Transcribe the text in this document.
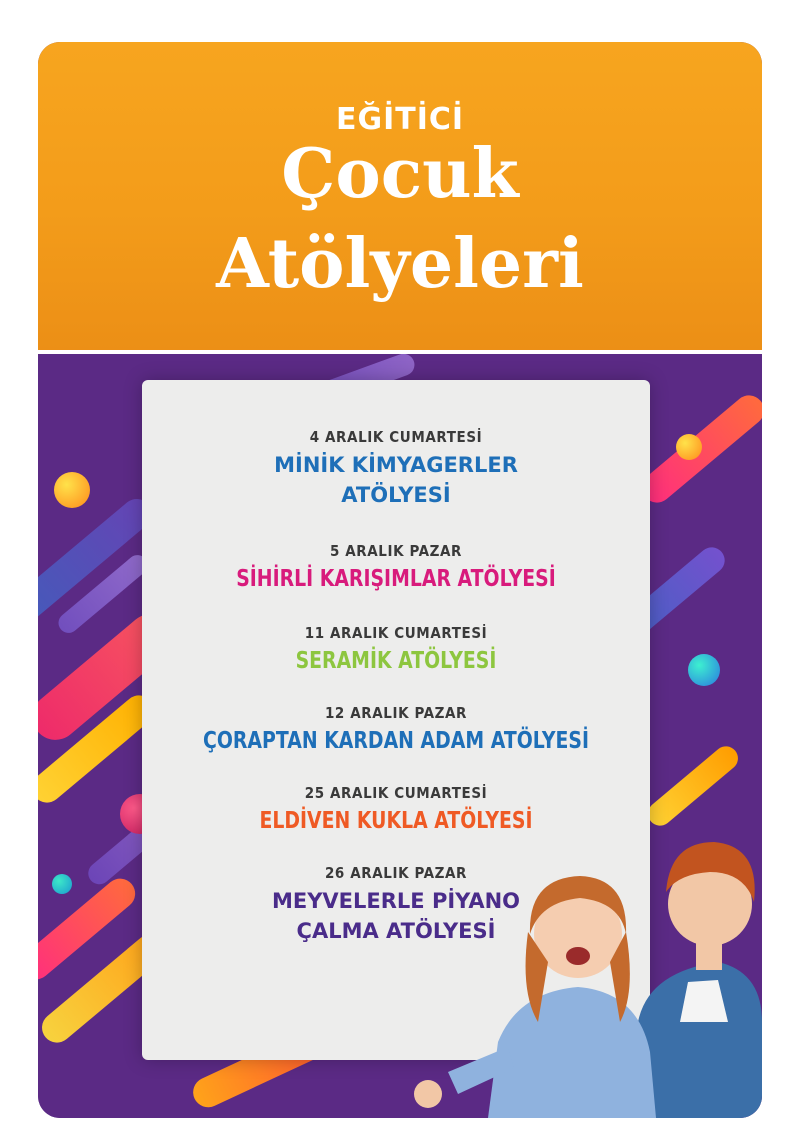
EĞİTİCİ
Çocuk
Atölyeleri
4 ARALIK CUMARTESİ
MİNİK KİMYAGERLER ATÖLYESİ
5 ARALIK PAZAR
SİHİRLİ KARIŞIMLAR ATÖLYESİ
11 ARALIK CUMARTESİ
SERAMİK ATÖLYESİ
12 ARALIK PAZAR
ÇORAPTAN KARDAN ADAM ATÖLYESİ
25 ARALIK CUMARTESİ
ELDİVEN KUKLA ATÖLYESİ
26 ARALIK PAZAR
MEYVELERLE PİYANO ÇALMA ATÖLYESİ
